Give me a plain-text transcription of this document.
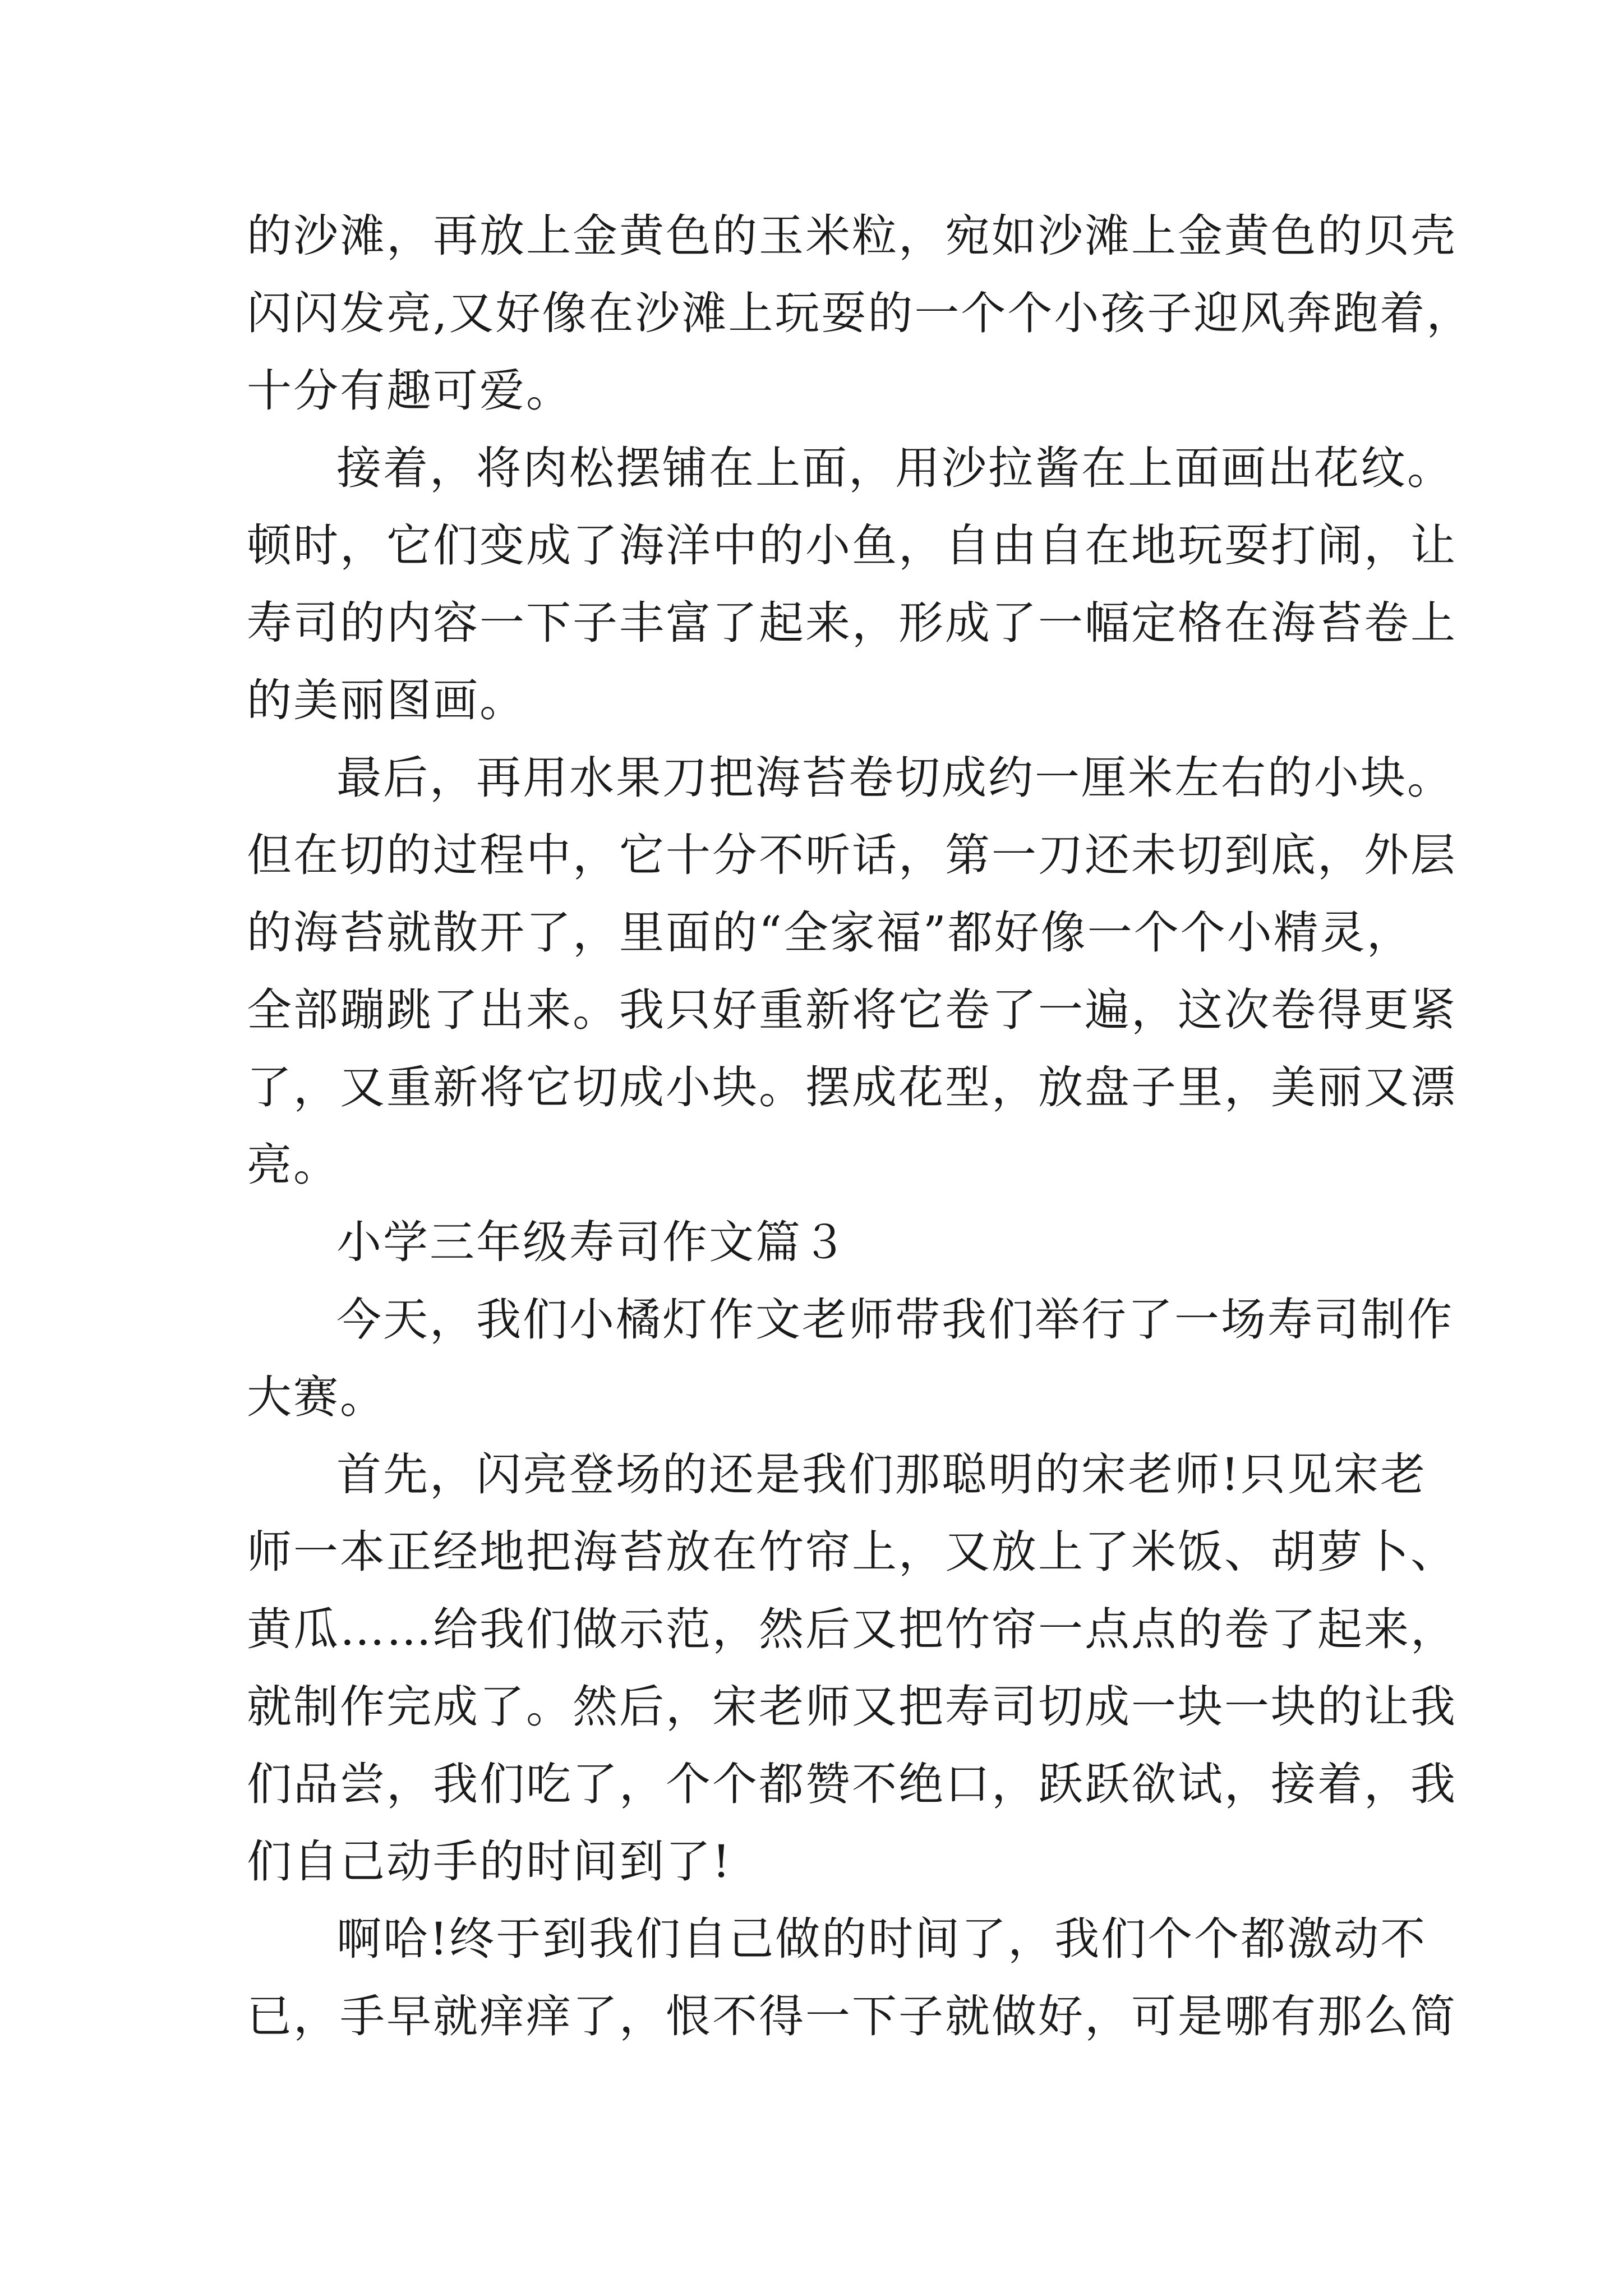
的沙滩，再放上金黄色的玉米粒，宛如沙滩上金黄色的贝壳
闪闪发亮,又好像在沙滩上玩耍的一个个小孩子迎风奔跑着，
十分有趣可爱。
接着，将肉松摆铺在上面，用沙拉酱在上面画出花纹。
顿时，它们变成了海洋中的小鱼，自由自在地玩耍打闹，让
寿司的内容一下子丰富了起来，形成了一幅定格在海苔卷上
的美丽图画。
最后，再用水果刀把海苔卷切成约一厘米左右的小块。
但在切的过程中，它十分不听话，第一刀还未切到底，外层
的海苔就散开了，里面的“全家福”都好像一个个小精灵，
全部蹦跳了出来。我只好重新将它卷了一遍，这次卷得更紧
了，又重新将它切成小块。摆成花型，放盘子里，美丽又漂
亮。
小学三年级寿司作文篇３
今天，我们小橘灯作文老师带我们举行了一场寿司制作
大赛。
首先，闪亮登场的还是我们那聪明的宋老师!只见宋老
师一本正经地把海苔放在竹帘上，又放上了米饭、胡萝卜、
黄瓜……给我们做示范，然后又把竹帘一点点的卷了起来，
就制作完成了。然后，宋老师又把寿司切成一块一块的让我
们品尝，我们吃了，个个都赞不绝口，跃跃欲试，接着，我
们自己动手的时间到了!
啊哈!终于到我们自己做的时间了，我们个个都激动不
已，手早就痒痒了，恨不得一下子就做好，可是哪有那么简
